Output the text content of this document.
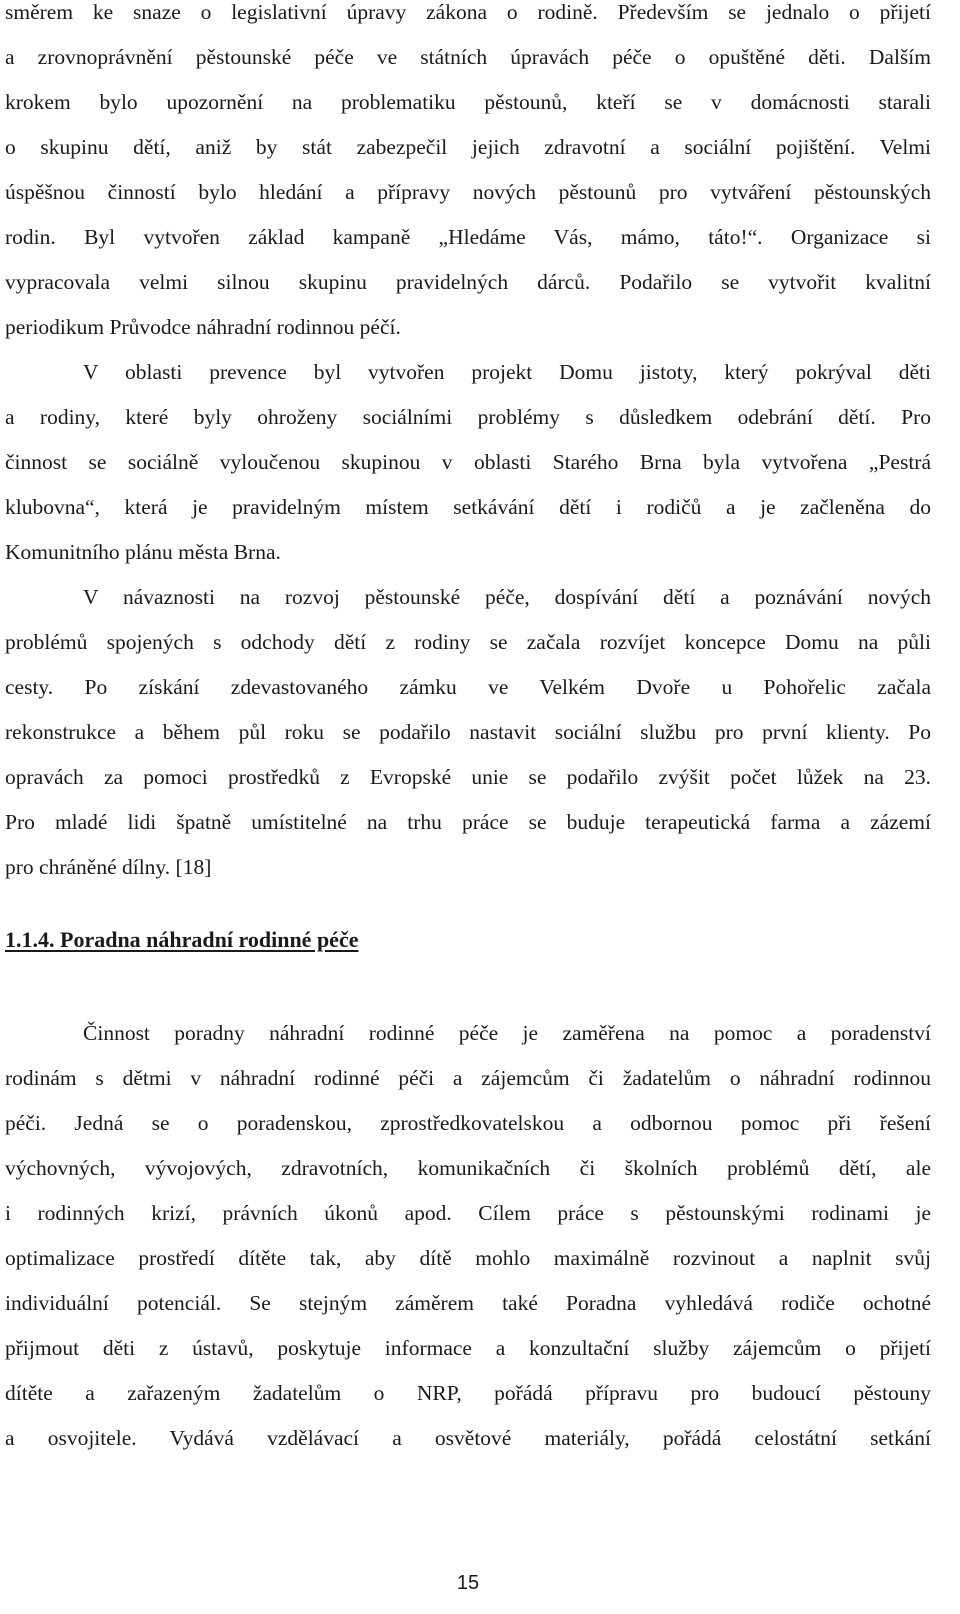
směrem ke snaze o legislativní úpravy zákona o rodině. Především se jednalo o přijetí
a zrovnoprávnění pěstounské péče ve státních úpravách péče o opuštěné děti. Dalším
krokem bylo upozornění na problematiku pěstounů, kteří se v domácnosti starali
o skupinu dětí, aniž by stát zabezpečil jejich zdravotní a sociální pojištění. Velmi
úspěšnou činností bylo hledání a přípravy nových pěstounů pro vytváření pěstounských
rodin. Byl vytvořen základ kampaně „Hledáme Vás, mámo, táto!“. Organizace si
vypracovala velmi silnou skupinu pravidelných dárců. Podařilo se vytvořit kvalitní
periodikum Průvodce náhradní rodinnou péčí.
V oblasti prevence byl vytvořen projekt Domu jistoty, který pokrýval děti
a rodiny, které byly ohroženy sociálními problémy s důsledkem odebrání dětí. Pro
činnost se sociálně vyloučenou skupinou v oblasti Starého Brna byla vytvořena „Pestrá
klubovna“, která je pravidelným místem setkávání dětí i rodičů a je začleněna do
Komunitního plánu města Brna.
V návaznosti na rozvoj pěstounské péče, dospívání dětí a poznávání nových
problémů spojených s odchody dětí z rodiny se začala rozvíjet koncepce Domu na půli
cesty. Po získání zdevastovaného zámku ve Velkém Dvoře u Pohořelic začala
rekonstrukce a během půl roku se podařilo nastavit sociální službu pro první klienty. Po
opravách za pomoci prostředků z Evropské unie se podařilo zvýšit počet lůžek na 23.
Pro mladé lidi špatně umístitelné na trhu práce se buduje terapeutická farma a zázemí
pro chráněné dílny. [18]
1.1.4. Poradna náhradní rodinné péče
Činnost poradny náhradní rodinné péče je zaměřena na pomoc a poradenství
rodinám s dětmi v náhradní rodinné péči a zájemcům či žadatelům o náhradní rodinnou
péči. Jedná se o poradenskou, zprostředkovatelskou a odbornou pomoc při řešení
výchovných, vývojových, zdravotních, komunikačních či školních problémů dětí, ale
i rodinných krizí, právních úkonů apod. Cílem práce s pěstounskými rodinami je
optimalizace prostředí dítěte tak, aby dítě mohlo maximálně rozvinout a naplnit svůj
individuální potenciál. Se stejným záměrem také Poradna vyhledává rodiče ochotné
přijmout děti z ústavů, poskytuje informace a konzultační služby zájemcům o přijetí
dítěte a zařazeným žadatelům o NRP, pořádá přípravu pro budoucí pěstouny
a osvojitele. Vydává vzdělávací a osvětové materiály, pořádá celostátní setkání
15
